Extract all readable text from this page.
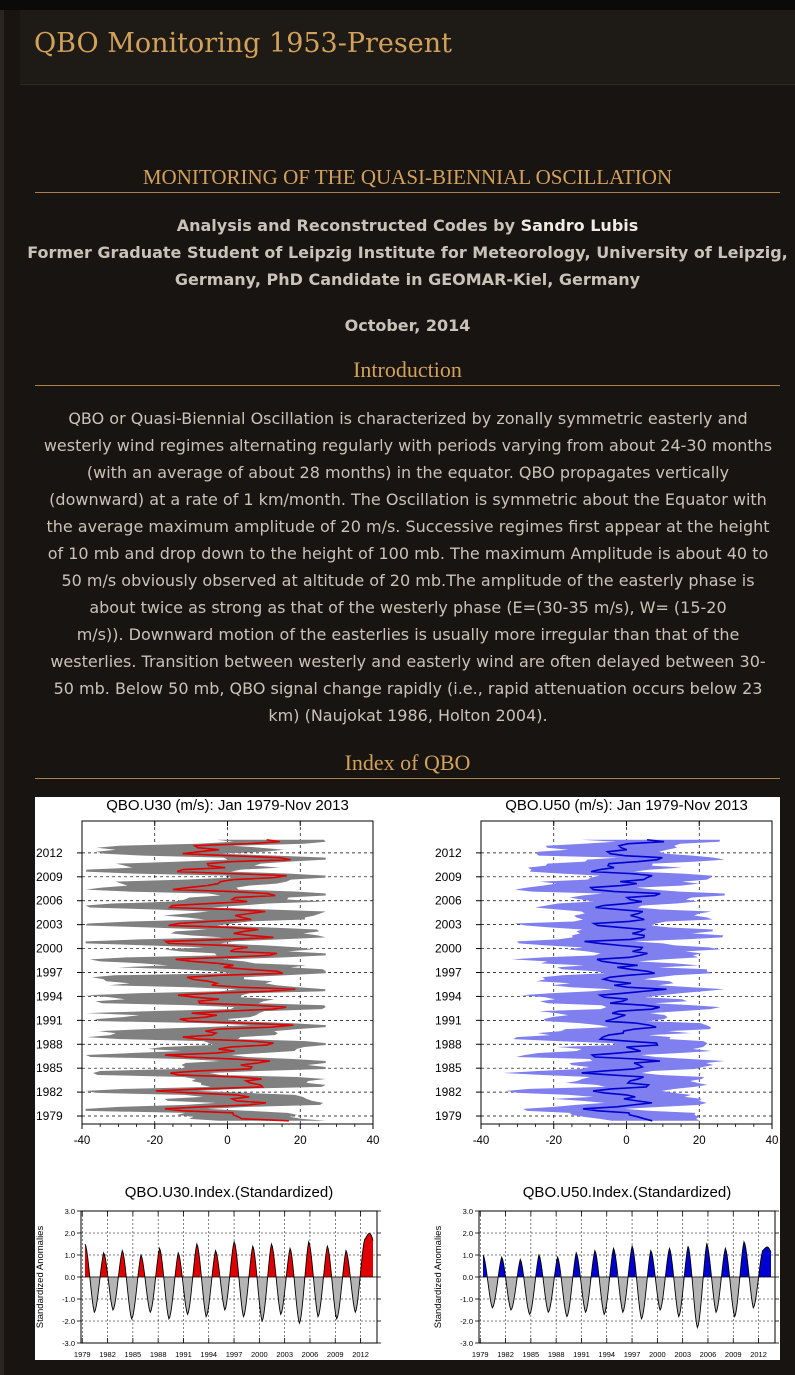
QBO Monitoring 1953-Present
MONITORING OF THE QUASI-BIENNIAL OSCILLATION
Analysis and Reconstructed Codes by Sandro Lubis
Former Graduate Student of Leipzig Institute for Meteorology, University of Leipzig,
Germany, PhD Candidate in GEOMAR-Kiel, Germany
October, 2014
Introduction
QBO or Quasi-Biennial Oscillation is characterized by zonally symmetric easterly and
westerly wind regimes alternating regularly with periods varying from about 24-30 months
(with an average of about 28 months) in the equator. QBO propagates vertically
(downward) at a rate of 1 km/month. The Oscillation is symmetric about the Equator with
the average maximum amplitude of 20 m/s. Successive regimes first appear at the height
of 10 mb and drop down to the height of 100 mb. The maximum Amplitude is about 40 to
50 m/s obviously observed at altitude of 20 mb.The amplitude of the easterly phase is
about twice as strong as that of the westerly phase (E=(30-35 m/s), W= (15-20
m/s)). Downward motion of the easterlies is usually more irregular than that of the
westerlies. Transition between westerly and easterly wind are often delayed between 30-
50 mb. Below 50 mb, QBO signal change rapidly (i.e., rapid attenuation occurs below 23
km) (Naujokat 1986, Holton 2004).
Index of QBO
QBO.U30 (m/s): Jan 1979-Nov 2013
1979
1982
1985
1988
1991
1994
1997
2000
2003
2006
2009
2012
-40	-20	0	20	40
QBO.U50 (m/s): Jan 1979-Nov 2013
1979
1982
1985
1988
1991
1994
1997
2000
2003
2006
2009
2012
-40	-20	0	20	40
QBO.U30.Index.(Standardized)
Standardized Anomalies
3.0
2.0
1.0
0.0
-1.0
-2.0
-3.0
1979 1982 1985 1988 1991 1994 1997 2000 2003 2006 2009 2012
QBO.U50.Index.(Standardized)
Standardized Anomalies
3.0
2.0
1.0
0.0
-1.0
-2.0
-3.0
1979 1982 1985 1988 1991 1994 1997 2000 2003 2006 2009 2012
